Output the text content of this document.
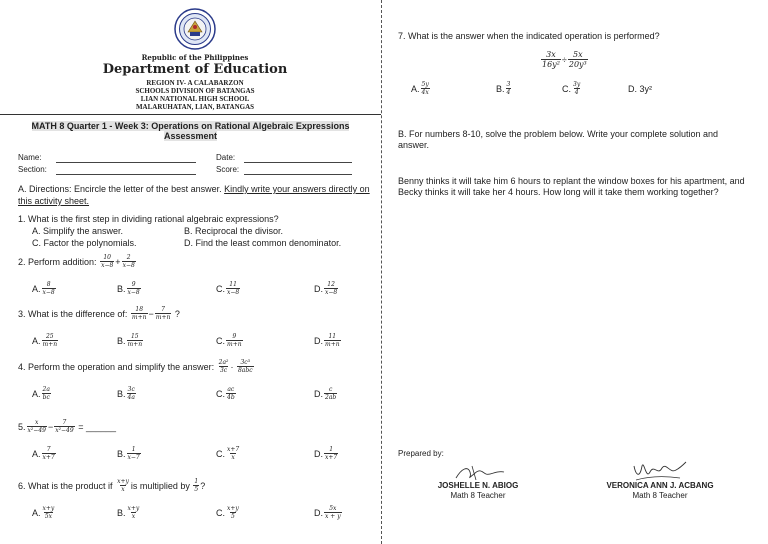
Republic of the Philippines
Department of Education
REGION IV- A CALABARZON
SCHOOLS DIVISION OF BATANGAS
LIAN NATIONAL HIGH SCHOOL
MALARUHATAN, LIAN, BATANGAS
MATH 8 Quarter 1 - Week 3: Operations on Rational Algebraic Expressions
Assessment
Name:	Date:
Section:	Score:
A. Directions: Encircle the letter of the best answer. Kindly write your answers directly on this activity sheet.
1. What is the first step in dividing rational algebraic expressions?
A. Simplify the answer.	B. Reciprocal the divisor.
C. Factor the polynomials.	D. Find the least common denominator.
2. Perform addition:
$\frac{10}{x-8} + \frac{2}{x-8}$
A. $\frac{8}{x-8}$	B. $\frac{9}{x-8}$	C. $\frac{11}{x-8}$	D. $\frac{12}{x-8}$
3. What is the difference of:
$\frac{18}{m+n} - \frac{7}{m+n}$
?
A. $\frac{25}{m+n}$	B. $\frac{15}{m+n}$	C. $\frac{9}{m+n}$	D. $\frac{11}{m+n}$
4. Perform the operation and simplify the answer:
$\frac{\text{2a²}}{3c}$ ·
$\frac{\text{3c³}}{\text{8abc}}$
A. $\frac{2a}{bc}$	B. $\frac{3c}{4a}$	C. $\frac{ac}{4b}$	D. $\frac{c}{2ab}$
5. $\frac{x}{\text{x²−49}} - \frac{7}{\text{x²−49}}$
= ______
A. $\frac{7}{x+7}$	B. $\frac{1}{x-7}$	C. $\frac{x+7}{x}$	D. $\frac{1}{x+7}$
6. What is the product if
$\frac{x+y}{x}$ is multiplied by
$\frac{1}{5}$ ?
A. $\frac{x+y}{5x}$	B. $\frac{x+y}{x}$	C. $\frac{x+y}{5}$	D. $\frac{5x}{x + y}$
7. What is the answer when the indicated operation is performed?
$\frac{3x}{\text{16y²}} \div \frac{5x}{\text{20y³}}$
A. $\frac{5y}{4x}$	B. $\frac{3}{4}$	C. $\frac{3y}{4}$	D. 3y²
B. For numbers 8-10, solve the problem below. Write your complete solution and answer.
Benny thinks it will take him 6 hours to replant the window boxes for his apartment, and Becky thinks it will take her 4 hours. How long will it take them working together?
Prepared by:
JOSHELLE N. ABIOG
Math 8 Teacher
VERONICA ANN J. ACBANG
Math 8 Teacher
